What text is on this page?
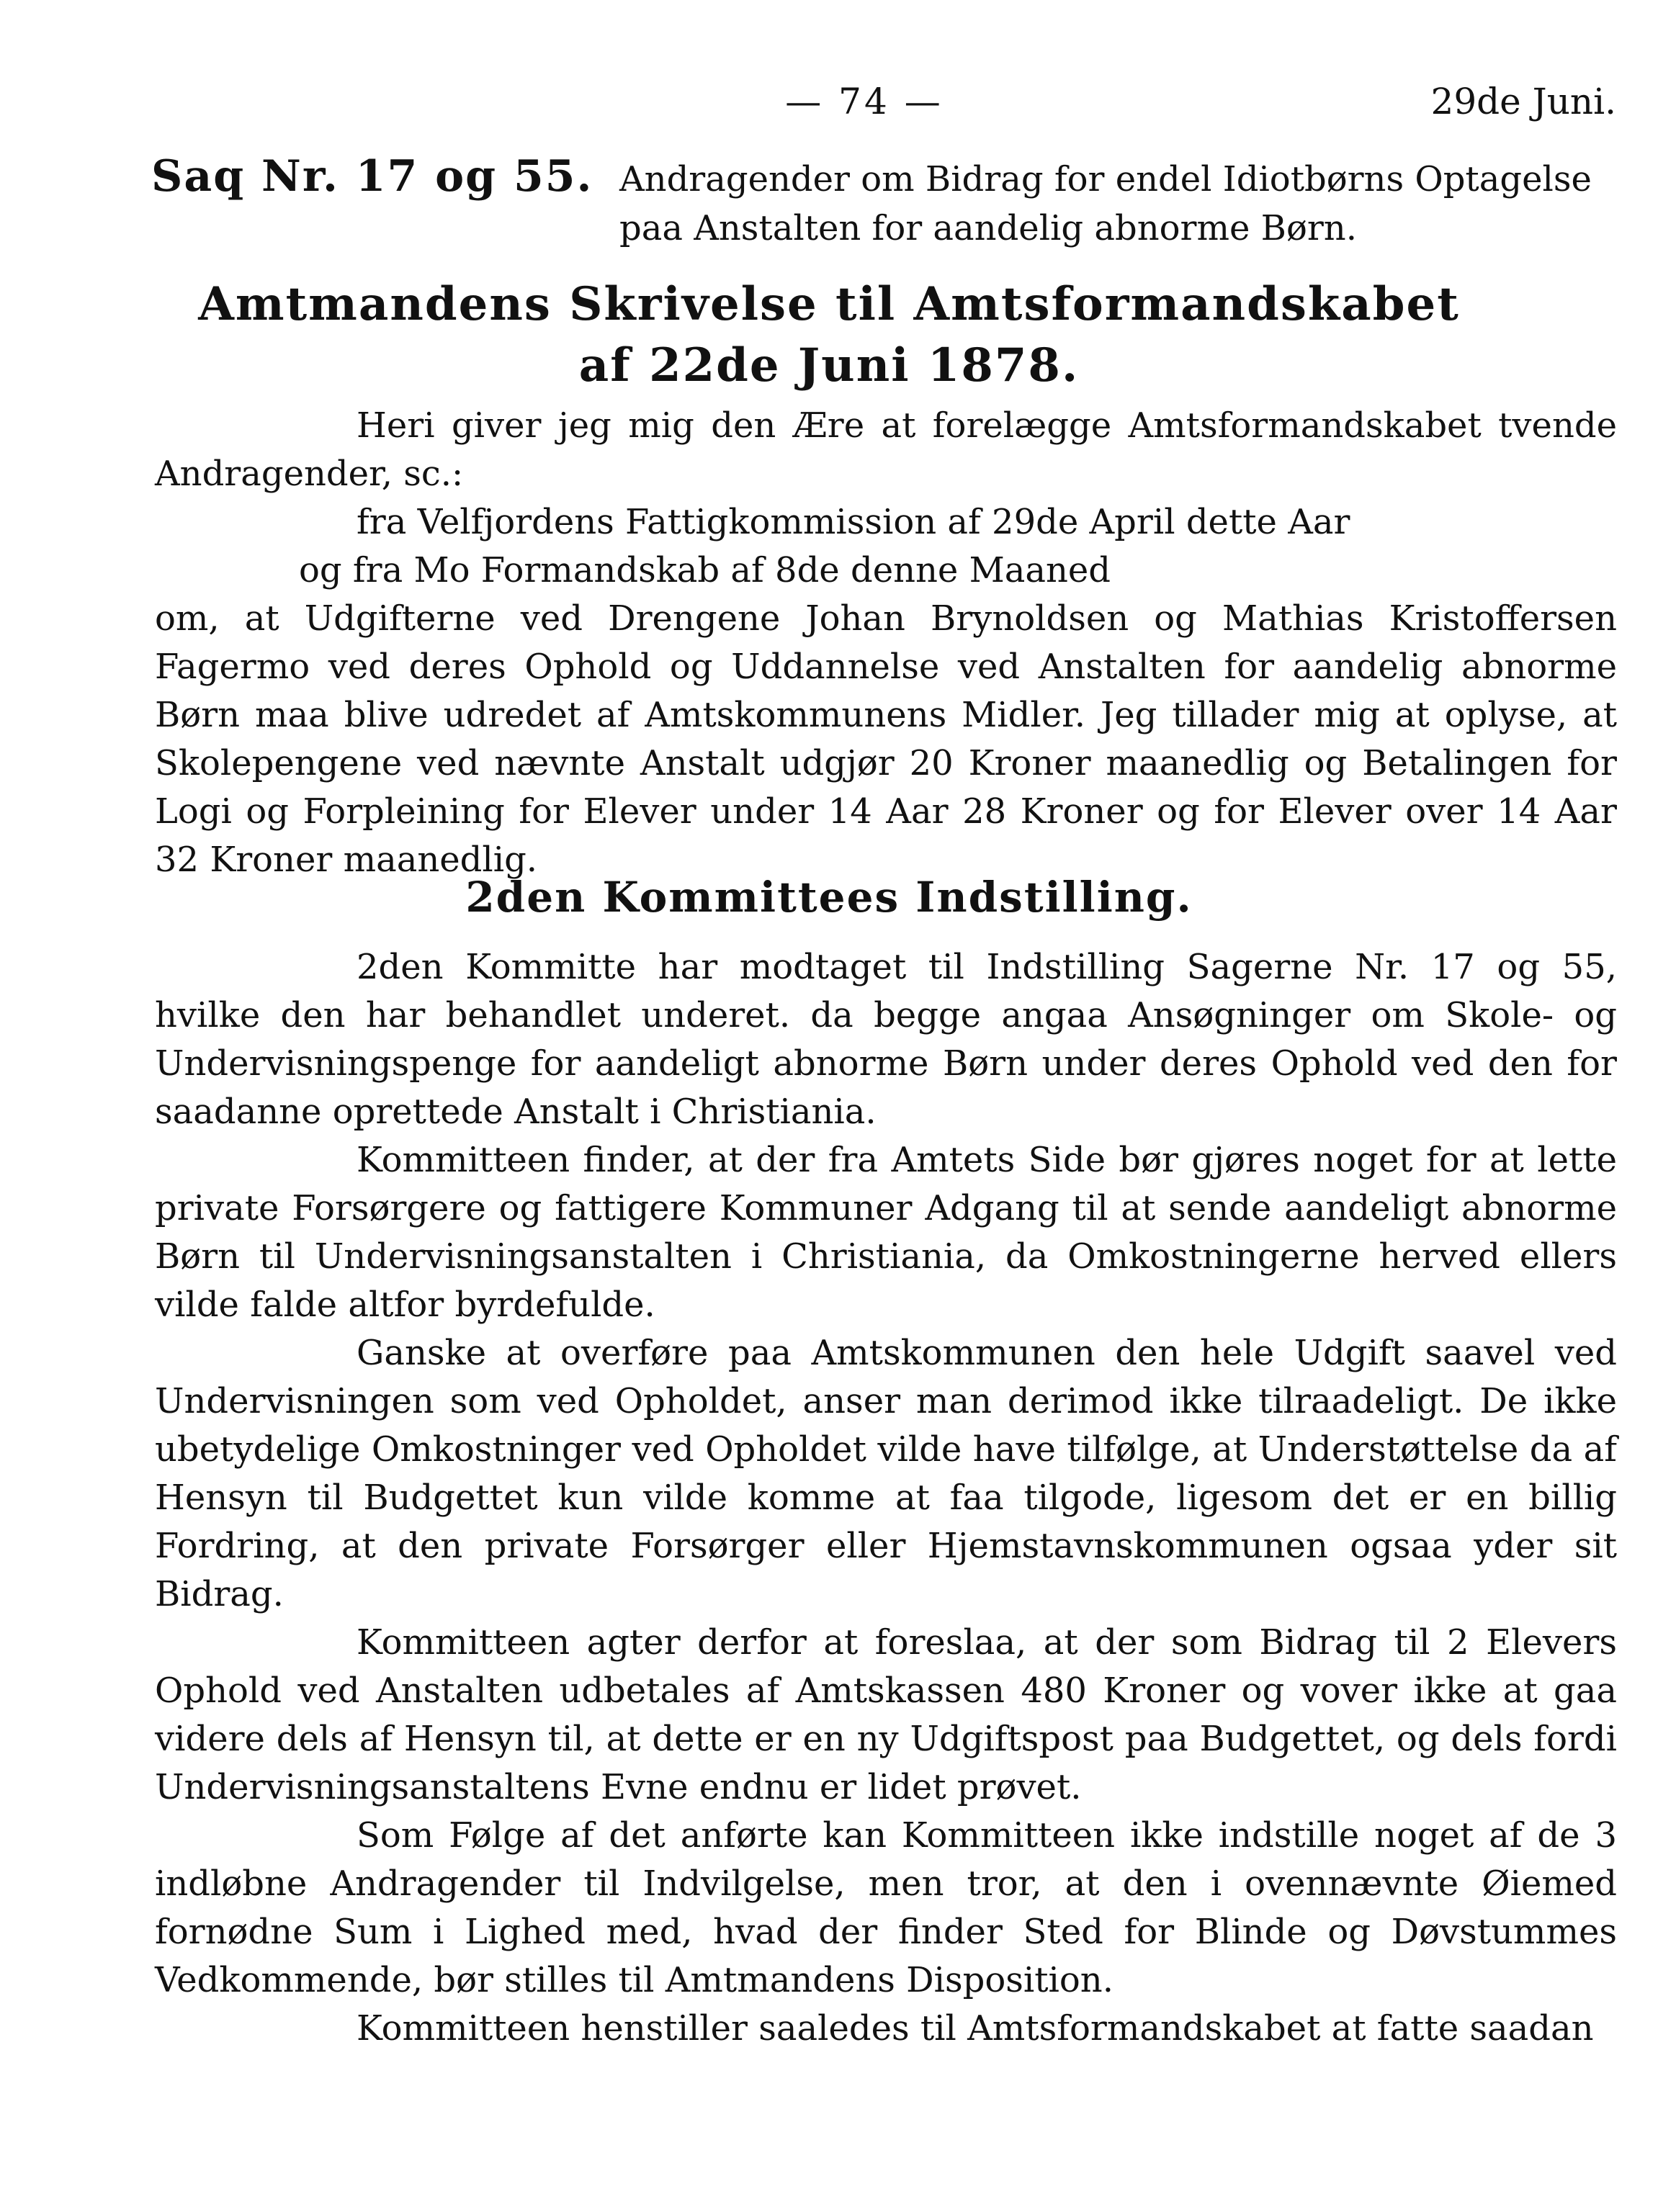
— 74 —	29de Juni.
Saq Nr. 17 og 55. Andragender om Bidrag for endel Idiotbørns Optagelse paa Anstalten for aandelig abnorme Børn.
Amtmandens Skrivelse til Amtsformandskabet
af 22de Juni 1878.

Heri giver jeg mig den Ære at forelægge Amtsformandskabet tvende Andragender, sc.:

fra Velfjordens Fattigkommission af 29de April dette Aar

og fra Mo Formandskab af 8de denne Maaned

om, at Udgifterne ved Drengene Johan Brynoldsen og Mathias Kristoffersen Fagermo ved deres Ophold og Uddannelse ved Anstalten for aandelig abnorme Børn maa blive udredet af Amtskommunens Midler. Jeg tillader mig at oplyse, at Skolepengene ved nævnte Anstalt udgjør 20 Kroner maanedlig og Betalingen for Logi og Forpleining for Elever under 14 Aar 28 Kroner og for Elever over 14 Aar 32 Kroner maanedlig.

2den Kommittees Indstilling.

2den Kommitte har modtaget til Indstilling Sagerne Nr. 17 og 55, hvilke den har behandlet underet. da begge angaa Ansøgninger om Skole- og Undervisningspenge for aandeligt abnorme Børn under deres Ophold ved den for saadanne oprettede Anstalt i Christiania.

Kommitteen finder, at der fra Amtets Side bør gjøres noget for at lette private Forsørgere og fattigere Kommuner Adgang til at sende aandeligt abnorme Børn til Undervisningsanstalten i Christiania, da Omkostningerne herved ellers vilde falde altfor byrdefulde.

Ganske at overføre paa Amtskommunen den hele Udgift saavel ved Undervisningen som ved Opholdet, anser man derimod ikke tilraadeligt. De ikke ubetydelige Omkostninger ved Opholdet vilde have tilfølge, at Understøttelse da af Hensyn til Budgettet kun vilde komme at faa tilgode, ligesom det er en billig Fordring, at den private Forsørger eller Hjemstavnskommunen ogsaa yder sit Bidrag.

Kommitteen agter derfor at foreslaa, at der som Bidrag til 2 Elevers Ophold ved Anstalten udbetales af Amtskassen 480 Kroner og vover ikke at gaa videre dels af Hensyn til, at dette er en ny Udgiftspost paa Budgettet, og dels fordi Undervisningsanstaltens Evne endnu er lidet prøvet.

Som Følge af det anførte kan Kommitteen ikke indstille noget af de 3 indløbne Andragender til Indvilgelse, men tror, at den i ovennævnte Øiemed fornødne Sum i Lighed med, hvad der finder Sted for Blinde og Døvstummes Vedkommende, bør stilles til Amtmandens Disposition.

Kommitteen henstiller saaledes til Amtsformandskabet at fatte saadan
